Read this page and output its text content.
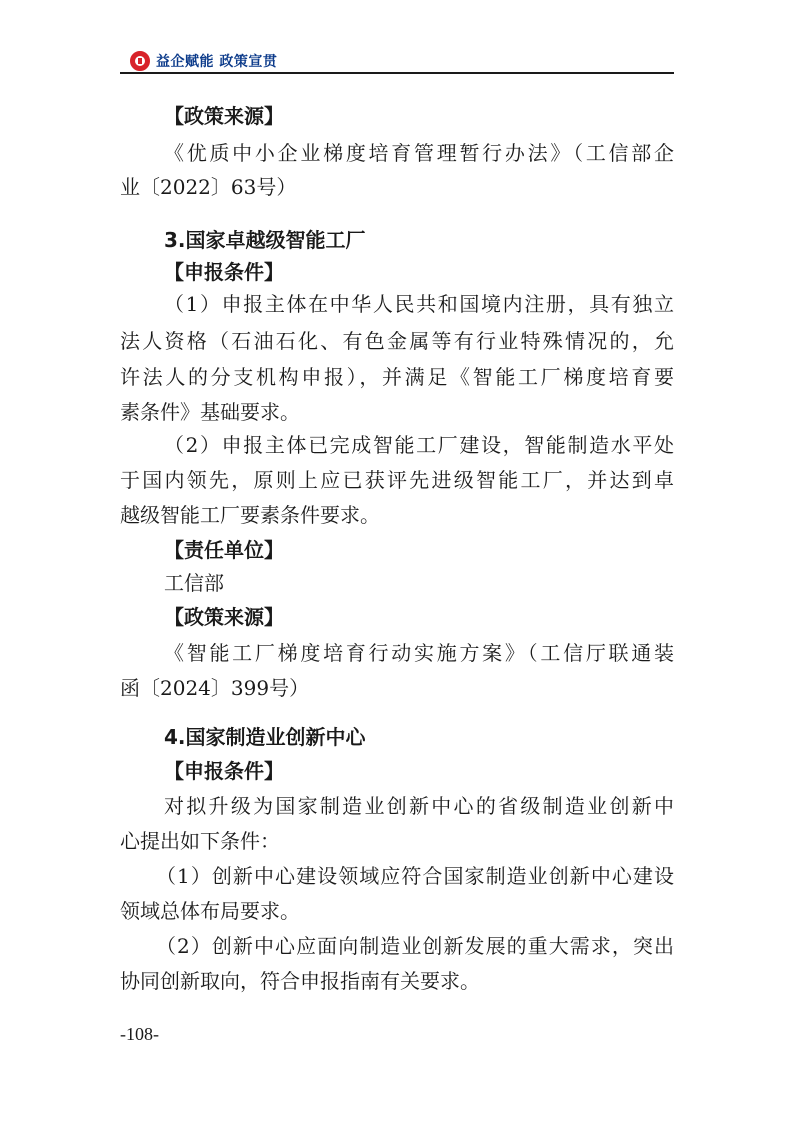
益企赋能 政策宣贯
【政策来源】
《优质中小企业梯度培育管理暂行办法》（工信部企
业〔2022〕63号）
3.国家卓越级智能工厂
【申报条件】
（1）申报主体在中华人民共和国境内注册，具有独立
法人资格（石油石化、有色金属等有行业特殊情况的，允
许法人的分支机构申报），并满足《智能工厂梯度培育要
素条件》基础要求。
（2）申报主体已完成智能工厂建设，智能制造水平处
于国内领先，原则上应已获评先进级智能工厂，并达到卓
越级智能工厂要素条件要求。
【责任单位】
工信部
【政策来源】
《智能工厂梯度培育行动实施方案》（工信厅联通装
函〔2024〕399号）
4.国家制造业创新中心
【申报条件】
对拟升级为国家制造业创新中心的省级制造业创新中
心提出如下条件：
（1）创新中心建设领域应符合国家制造业创新中心建设
领域总体布局要求。
（2）创新中心应面向制造业创新发展的重大需求，突出
协同创新取向，符合申报指南有关要求。
-108-
